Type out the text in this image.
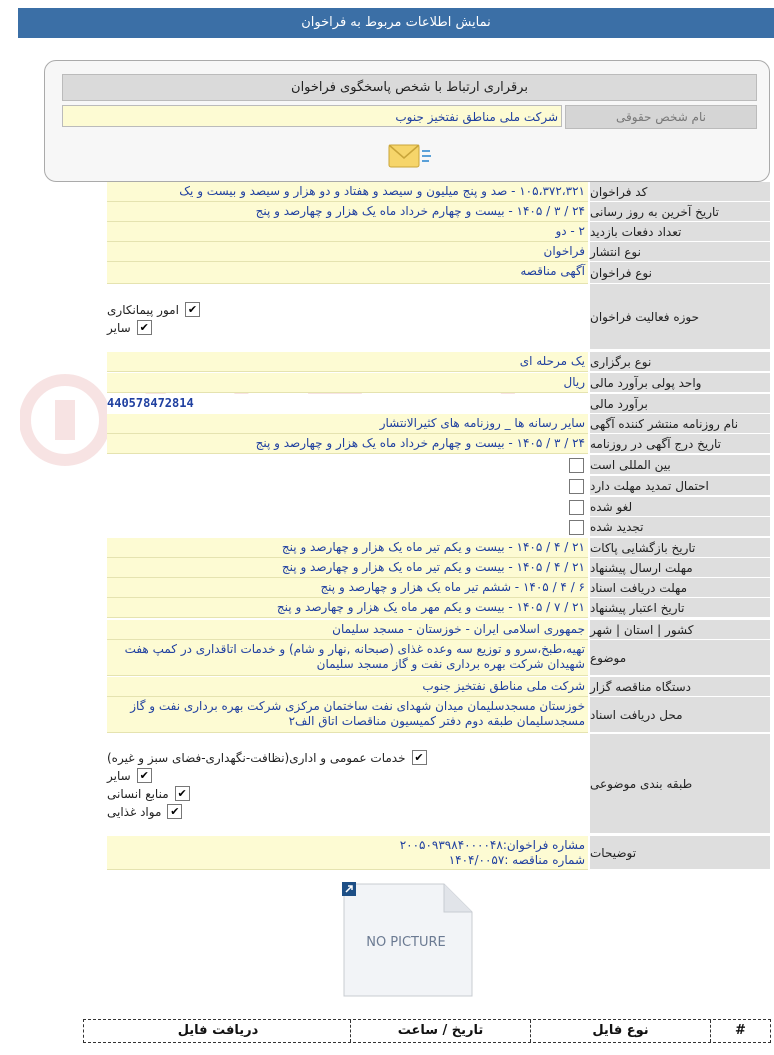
نمایش اطلاعات مربوط به فراخوان
برقراری ارتباط با شخص پاسخگوی فراخوان
نام شخص حقوقی
شرکت ملی مناطق نفتخیز جنوب
کد فراخوان
۱۰۵،۳۷۲،۳۲۱ - صد و پنج میلیون و سیصد و هفتاد و دو هزار و سیصد و بیست و یک
تاریخ آخرین به روز رسانی
۲۴ / ۳ / ۱۴۰۵ - بیست و چهارم خرداد ماه یک هزار و چهارصد و پنج
تعداد دفعات بازدید
۲ - دو
نوع انتشار
فراخوان
نوع فراخوان
آگهی مناقصه
حوزه فعالیت فراخوان
✔
امور پیمانکاری
✔
سایر
نوع برگزاری
یک مرحله ای
واحد پولی برآورد مالی
ریال
برآورد مالی
440578472814
نام روزنامه منتشر کننده آگهی
سایر رسانه ها _ روزنامه های کثیرالانتشار
تاریخ درج آگهی در روزنامه
۲۴ / ۳ / ۱۴۰۵ - بیست و چهارم خرداد ماه یک هزار و چهارصد و پنج
بین المللی است
احتمال تمدید مهلت دارد
لغو شده
تجدید شده
تاریخ بازگشایی پاکات
۲۱ / ۴ / ۱۴۰۵ - بیست و یکم تیر ماه یک هزار و چهارصد و پنج
مهلت ارسال پیشنهاد
۲۱ / ۴ / ۱۴۰۵ - بیست و یکم تیر ماه یک هزار و چهارصد و پنج
مهلت دریافت اسناد
۶ / ۴ / ۱۴۰۵ - ششم تیر ماه یک هزار و چهارصد و پنج
تاریخ اعتبار پیشنهاد
۲۱ / ۷ / ۱۴۰۵ - بیست و یکم مهر ماه یک هزار و چهارصد و پنج
کشور | استان | شهر
جمهوری اسلامی ایران - خوزستان - مسجد سلیمان
موضوع
تهیه،طبخ،سرو و توزیع سه وعده غذای (صبحانه ,نهار و شام) و خدمات اتاقداری در کمپ هفت شهیدان شرکت بهره برداری نفت و گاز مسجد سلیمان
دستگاه مناقصه گزار
شرکت ملی مناطق نفتخیز جنوب
محل دریافت اسناد
خوزستان مسجدسلیمان میدان شهدای نفت ساختمان مرکزی شرکت بهره برداری نفت و گاز مسجدسلیمان طبقه دوم دفتر کمیسیون مناقصات اتاق الف۲
طبقه بندی موضوعی
✔
خدمات عمومی و اداری(نظافت-نگهداری-فضای سبز و غیره)
✔
سایر
✔
منابع انسانی
✔
مواد غذایی
توضیحات
مشاره فراخوان:۲۰۰۵۰۹۳۹۸۴۰۰۰۰۴۸
شماره مناقصه :۱۴۰۴/۰۰۵۷
NO PICTURE
#
نوع فایل
تاریخ / ساعت
دریافت فایل
